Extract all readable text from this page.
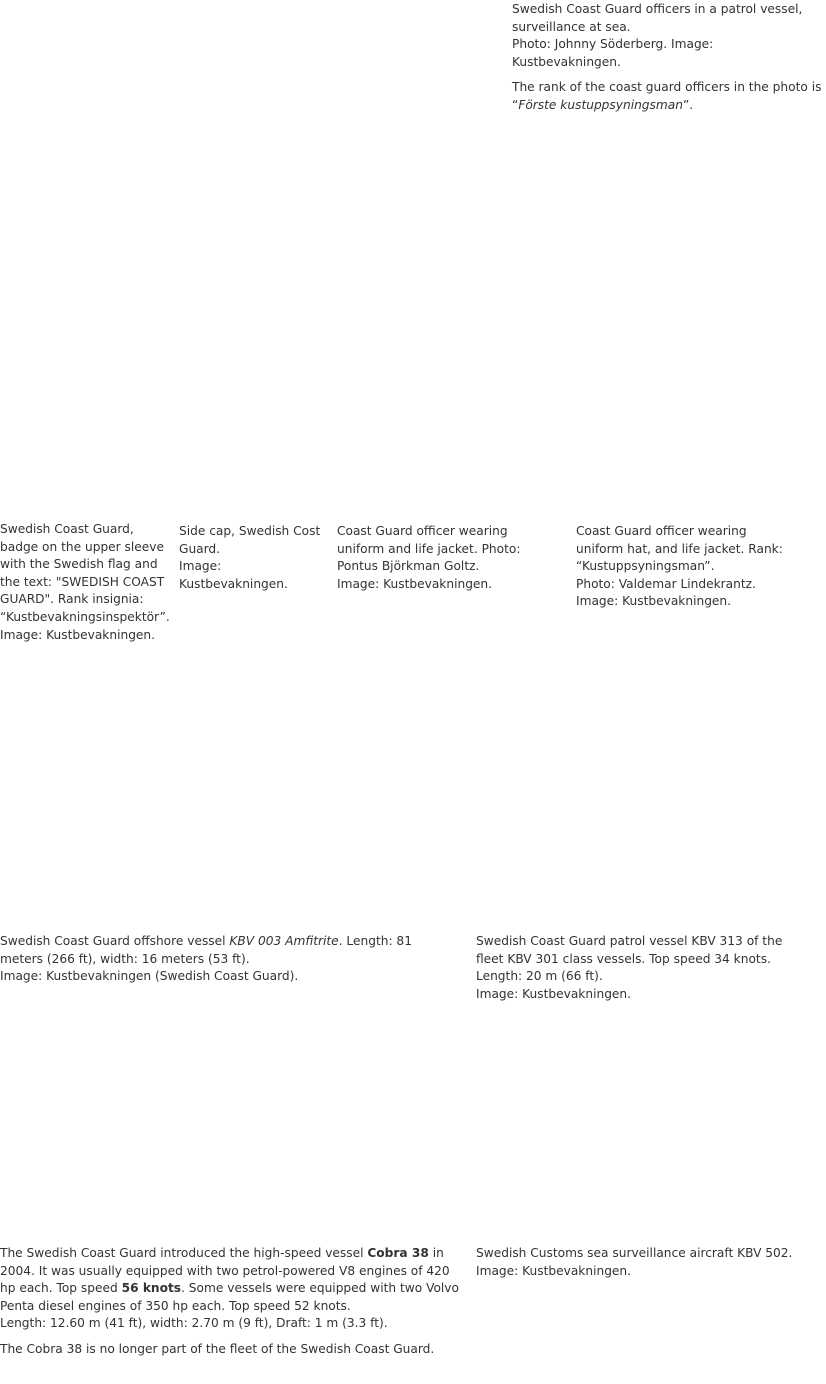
Swedish Coast Guard officers in a patrol vessel,
surveillance at sea.
Photo: Johnny Söderberg. Image: Kustbevakningen.

The rank of the coast guard officers in the photo is
“Förste kustuppsyningsman”.

Swedish Coast Guard,
badge on the upper sleeve
with the Swedish flag and
the text: "SWEDISH COAST
GUARD". Rank insignia:
“Kustbevakningsinspektör”.
Image: Kustbevakningen.

Side cap, Swedish Cost
Guard.
Image:
Kustbevakningen.

Coast Guard officer wearing
uniform and life jacket. Photo:
Pontus Björkman Goltz.
Image: Kustbevakningen.

Coast Guard officer wearing
uniform hat, and life jacket. Rank:
“Kustuppsyningsman”.
Photo: Valdemar Lindekrantz.
Image: Kustbevakningen.

Swedish Coast Guard offshore vessel KBV 003 Amfitrite. Length: 81
meters (266 ft), width: 16 meters (53 ft).
Image: Kustbevakningen (Swedish Coast Guard).

Swedish Coast Guard patrol vessel KBV 313 of the
fleet KBV 301 class vessels. Top speed 34 knots.
Length: 20 m (66 ft).
Image: Kustbevakningen.

The Swedish Coast Guard introduced the high-speed vessel Cobra 38 in
2004. It was usually equipped with two petrol-powered V8 engines of 420
hp each. Top speed 56 knots. Some vessels were equipped with two Volvo
Penta diesel engines of 350 hp each. Top speed 52 knots.
Length: 12.60 m (41 ft), width: 2.70 m (9 ft), Draft: 1 m (3.3 ft).

The Cobra 38 is no longer part of the fleet of the Swedish Coast Guard.

Swedish Customs sea surveillance aircraft KBV 502.
Image: Kustbevakningen.
